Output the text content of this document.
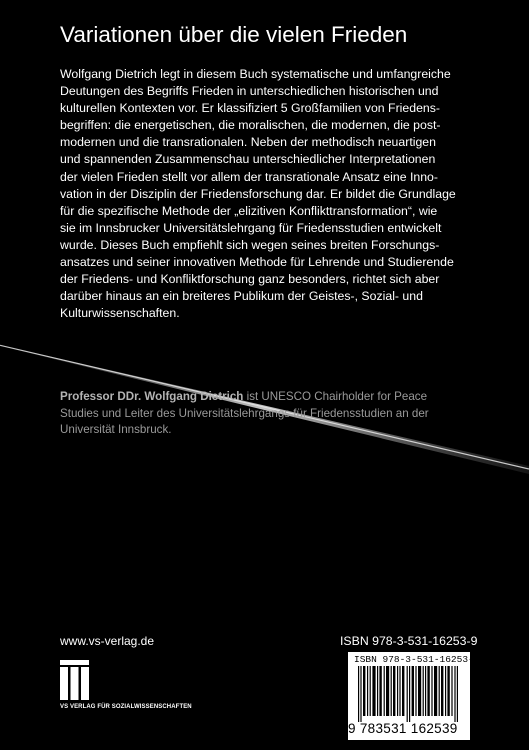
Variationen über die vielen Frieden
Wolfgang Dietrich legt in diesem Buch systematische und umfangreiche
Deutungen des Begriffs Frieden in unterschiedlichen historischen und
kulturellen Kontexten vor. Er klassifiziert 5 Großfamilien von Friedens-
begriffen: die energetischen, die moralischen, die modernen, die post-
modernen und die transrationalen. Neben der methodisch neuartigen
und spannenden Zusammenschau unterschiedlicher Interpretationen
der vielen Frieden stellt vor allem der transrationale Ansatz eine Inno-
vation in der Disziplin der Friedensforschung dar. Er bildet die Grundlage
für die spezifische Methode der „elizitiven Konflikttransformation“, wie
sie im Innsbrucker Universitätslehrgang für Friedensstudien entwickelt
wurde. Dieses Buch empfiehlt sich wegen seines breiten Forschungs-
ansatzes und seiner innovativen Methode für Lehrende und Studierende
der Friedens- und Konfliktforschung ganz besonders, richtet sich aber
darüber hinaus an ein breiteres Publikum der Geistes-, Sozial- und
Kulturwissenschaften.
Professor DDr. Wolfgang Dietrich ist UNESCO Chairholder for Peace
Studies und Leiter des Universitätslehrgangs für Friedensstudien an der
Universität Innsbruck.
www.vs-verlag.de	ISBN 978-3-531-16253-9
VS VERLAG FÜR SOZIALWISSENSCHAFTEN
ISBN 978-3-531-16253-9
9 783531 162539
